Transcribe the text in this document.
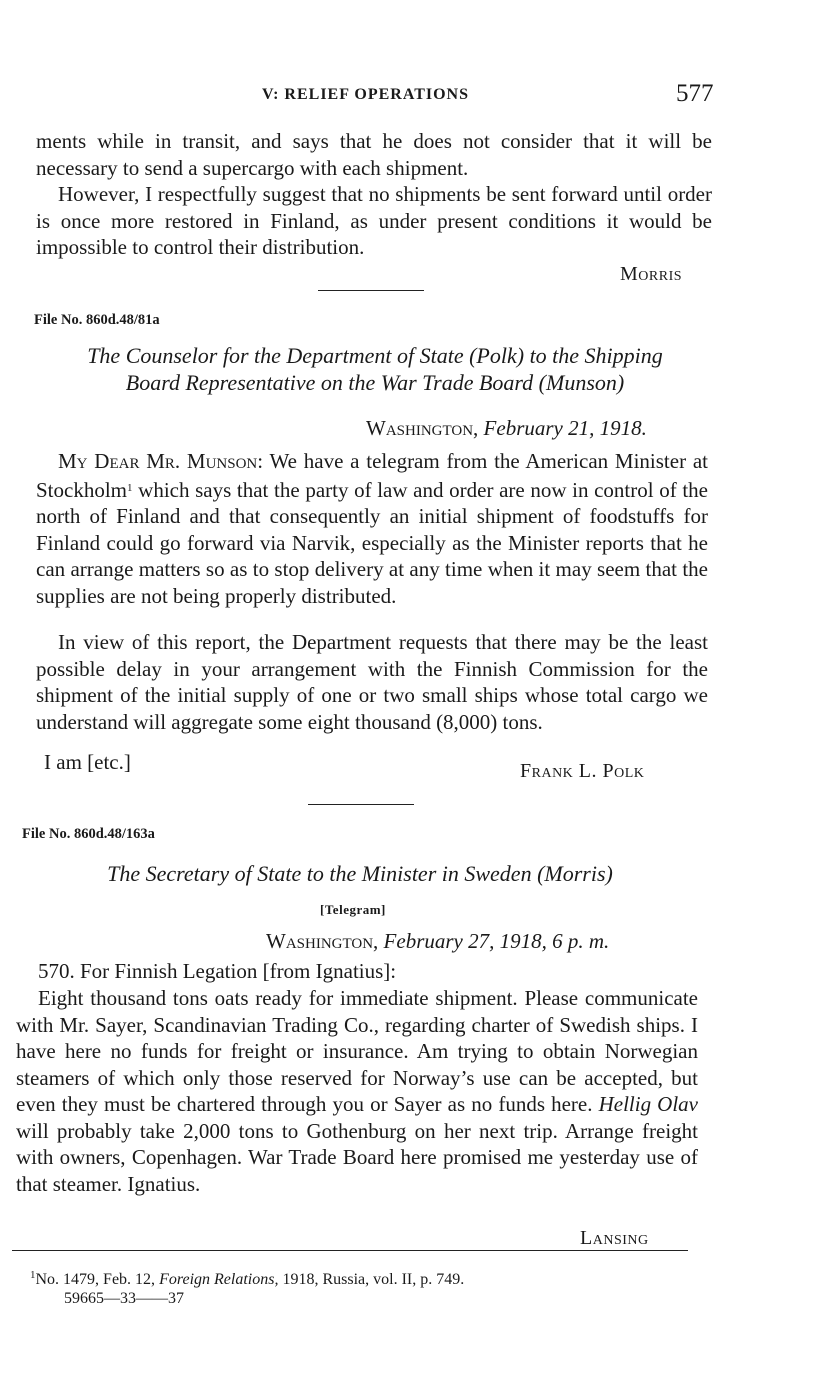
V: RELIEF OPERATIONS	577

ments while in transit, and says that he does not consider that it will be necessary to send a supercargo with each shipment.

However, I respectfully suggest that no shipments be sent forward until order is once more restored in Finland, as under present conditions it would be impossible to control their distribution.

Morris
File No. 860d.48/81a
The Counselor for the Department of State (Polk) to the Shipping
Board Representative on the War Trade Board (Munson)
Washington, February 21, 1918.

My Dear Mr. Munson: We have a telegram from the American Minister at Stockholm$^1$ which says that the party of law and order are now in control of the north of Finland and that consequently an initial shipment of foodstuffs for Finland could go forward via Narvik, especially as the Minister reports that he can arrange matters so as to stop delivery at any time when it may seem that the supplies are not being properly distributed.

In view of this report, the Department requests that there may be the least possible delay in your arrangement with the Finnish Commission for the shipment of the initial supply of one or two small ships whose total cargo we understand will aggregate some eight thousand (8,000) tons.

I am [etc.]	Frank L. Polk
File No. 860d.48/163a
The Secretary of State to the Minister in Sweden (Morris)
[Telegram]
Washington, February 27, 1918, 6 p. m.

570. For Finnish Legation [from Ignatius]:

Eight thousand tons oats ready for immediate shipment. Please communicate with Mr. Sayer, Scandinavian Trading Co., regarding charter of Swedish ships. I have here no funds for freight or insurance. Am trying to obtain Norwegian steamers of which only those reserved for Norway’s use can be accepted, but even they must be chartered through you or Sayer as no funds here. Hellig Olav will probably take 2,000 tons to Gothenburg on her next trip. Arrange freight with owners, Copenhagen. War Trade Board here promised me yesterday use of that steamer. Ignatius.

Lansing
$^1$No. 1479, Feb. 12, Foreign Relations, 1918, Russia, vol. II, p. 749.
59665—33——37
